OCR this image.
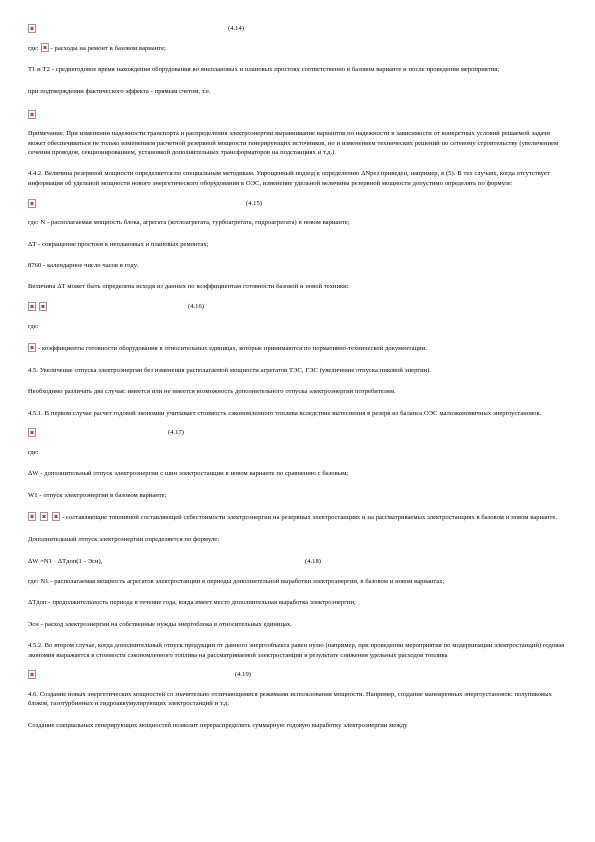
(4.14)

где: - расходы на ремонт в базовом варианте;

Т1 и Т2 - среднегодовое время нахождения оборудования во внеплановых и плановых простоях соответственно в базовом варианте и после проведения мероприятия;

при подтверждении фактического эффекта - прямым счетом, т.е.

Примечание. При изменении надежности транспорта и распределения электроэнергии выравнивание вариантов по надежности в зависимости от конкретных условий решаемой задачи может обеспечиваться не только изменением расчетной резервной мощности генерирующих источников, но и изменением технических решений по сетевому строительству (увеличением сечения проводов, секционированием, установкой дополнительных трансформаторов на подстанциях и т.д.).

4.4.2. Величина резервной мощности определяется по специальным методикам. Упрощенный подход к определению ΔNрез приведен, например, в (5). В тех случаях, когда отсутствует информация об удельной мощности нового энергетического оборудования в ОЭС, изменение удельной величины резервной мощности допустимо определять по формуле:

(4.15)

где: N - располагаемая мощность блока, агрегата (котлоагрегата, турбоагрегата, гидроагрегата) в новом варианте;

ΔТ - сокращение простоев в неплановых и плановых ремонтах;

8760 - календарное число часов в году.

Величина ΔТ может быть определена исходя из данных по коэффициентам готовности базовой и новой техники:

(4.16)

где:

- коэффициенты готовности оборудования в относительных единицах, которые принимаются по нормативно-технической документации.

4.5. Увеличение отпуска электроэнергии без изменения располагаемой мощности агрегатов ТЭС, ГЭС (увеличение отпуска пиковой энергии).

Необходимо различать два случая: имеется или не имеется возможность дополнительного отпуска электроэнергии потребителям.

4.5.1. В первом случае расчет годовой экономии учитывает стоимость сэкономленного топлива вследствие вытеснения в резерв из баланса ОЭС малоэкономичных энергоустановок.

(4.17)

где:

ΔW - дополнительный отпуск электроэнергии с шин электростанции в новом варианте по сравнению с базовым;

W1 - отпуск электроэнергии в базовом варианте;

- составляющие топливной составляющей себестоимости электроэнергии на резервных электростанциях и на рассматриваемых электростанциях в базовом и новом варианте.

Дополнительный отпуск электроэнергии определяется по формуле:

ΔW =N1 · ΔTдоп(1 - Эсн),	(4.18)

где: N1 - располагаемая мощность агрегатов электростанции в периоды дополнительной выработки электроэнергии, в базовом и новом вариантах;

ΔTдоп - продолжительность периода в течение года, когда имеет место дополнительная выработка электроэнергии;

Эсн - расход электроэнергии на собственные нужды энергоблока в относительных единицах.

4.5.2. Во втором случае, когда дополнительный отпуск продукции от данного энергообъекта равен нулю (например, при проведении мероприятия по модернизации электростанций) годовая экономия выражается в стоимости сэкономленного топлива на рассматриваемой электростанции в результате снижения удельных расходов топлива

(4.19)

4.6. Создание новых энергетических мощностей со значительно отличающимися режимами использования мощности. Например, создание маневренных энергоустановок: полупиковых блоков, газотурбинных и гидроаккумулирующих электростанций и т.д.

Создание специальных генерирующих мощностей позволит перераспределить суммарную годовую выработку электроэнергии между
